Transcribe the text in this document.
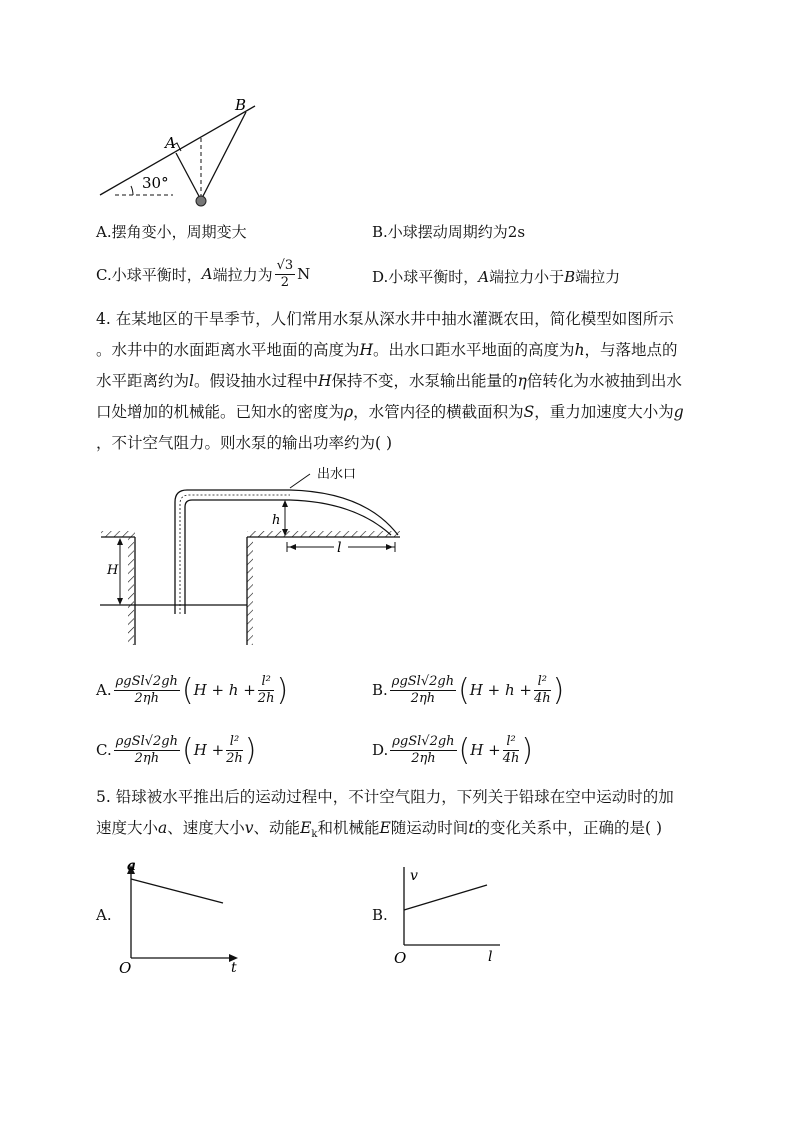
A
B
30°
A.摆角变小，周期变大	B.小球摆动周期约为2s
C.小球平衡时， A 端拉力为 $\frac{√3}{2}$ N	D.小球平衡时， A 端拉力小于 B 端拉力
4. 在某地区的干旱季节，人们常用水泵从深水井中抽水灌溉农田，简化模型如图所示
。水井中的水面距离水平地面的高度为H。出水口距水平地面的高度为h，与落地点的
水平距离约为l。假设抽水过程中H保持不变，水泵输出能量的η倍转化为水被抽到出水
口处增加的机械能。已知水的密度为ρ，水管内径的横截面积为S，重力加速度大小为g
，不计空气阻力。则水泵的输出功率约为( )
出水口
h
l
H
A. $\frac{\text{ρgSl√2gh}}{2\eta h}$ ( $H + h + \frac{\text{l²}}{2h}$ )	B. $\frac{\text{ρgSl√2gh}}{2\eta h}$ ( $H + h + \frac{\text{l²}}{4h}$ )
C. $\frac{\text{ρgSl√2gh}}{2\eta h}$ ( $H + \frac{\text{l²}}{2h}$ )	D. $\frac{\text{ρgSl√2gh}}{2\eta h}$ ( $H + \frac{\text{l²}}{4h}$ )
5. 铅球被水平推出后的运动过程中，不计空气阻力，下列关于铅球在空中运动时的加
速度大小a、速度大小v、动能$E_k$和机械能E随运动时间t的变化关系中，正确的是( )
A.
a
t
O
B.
v
l
O
